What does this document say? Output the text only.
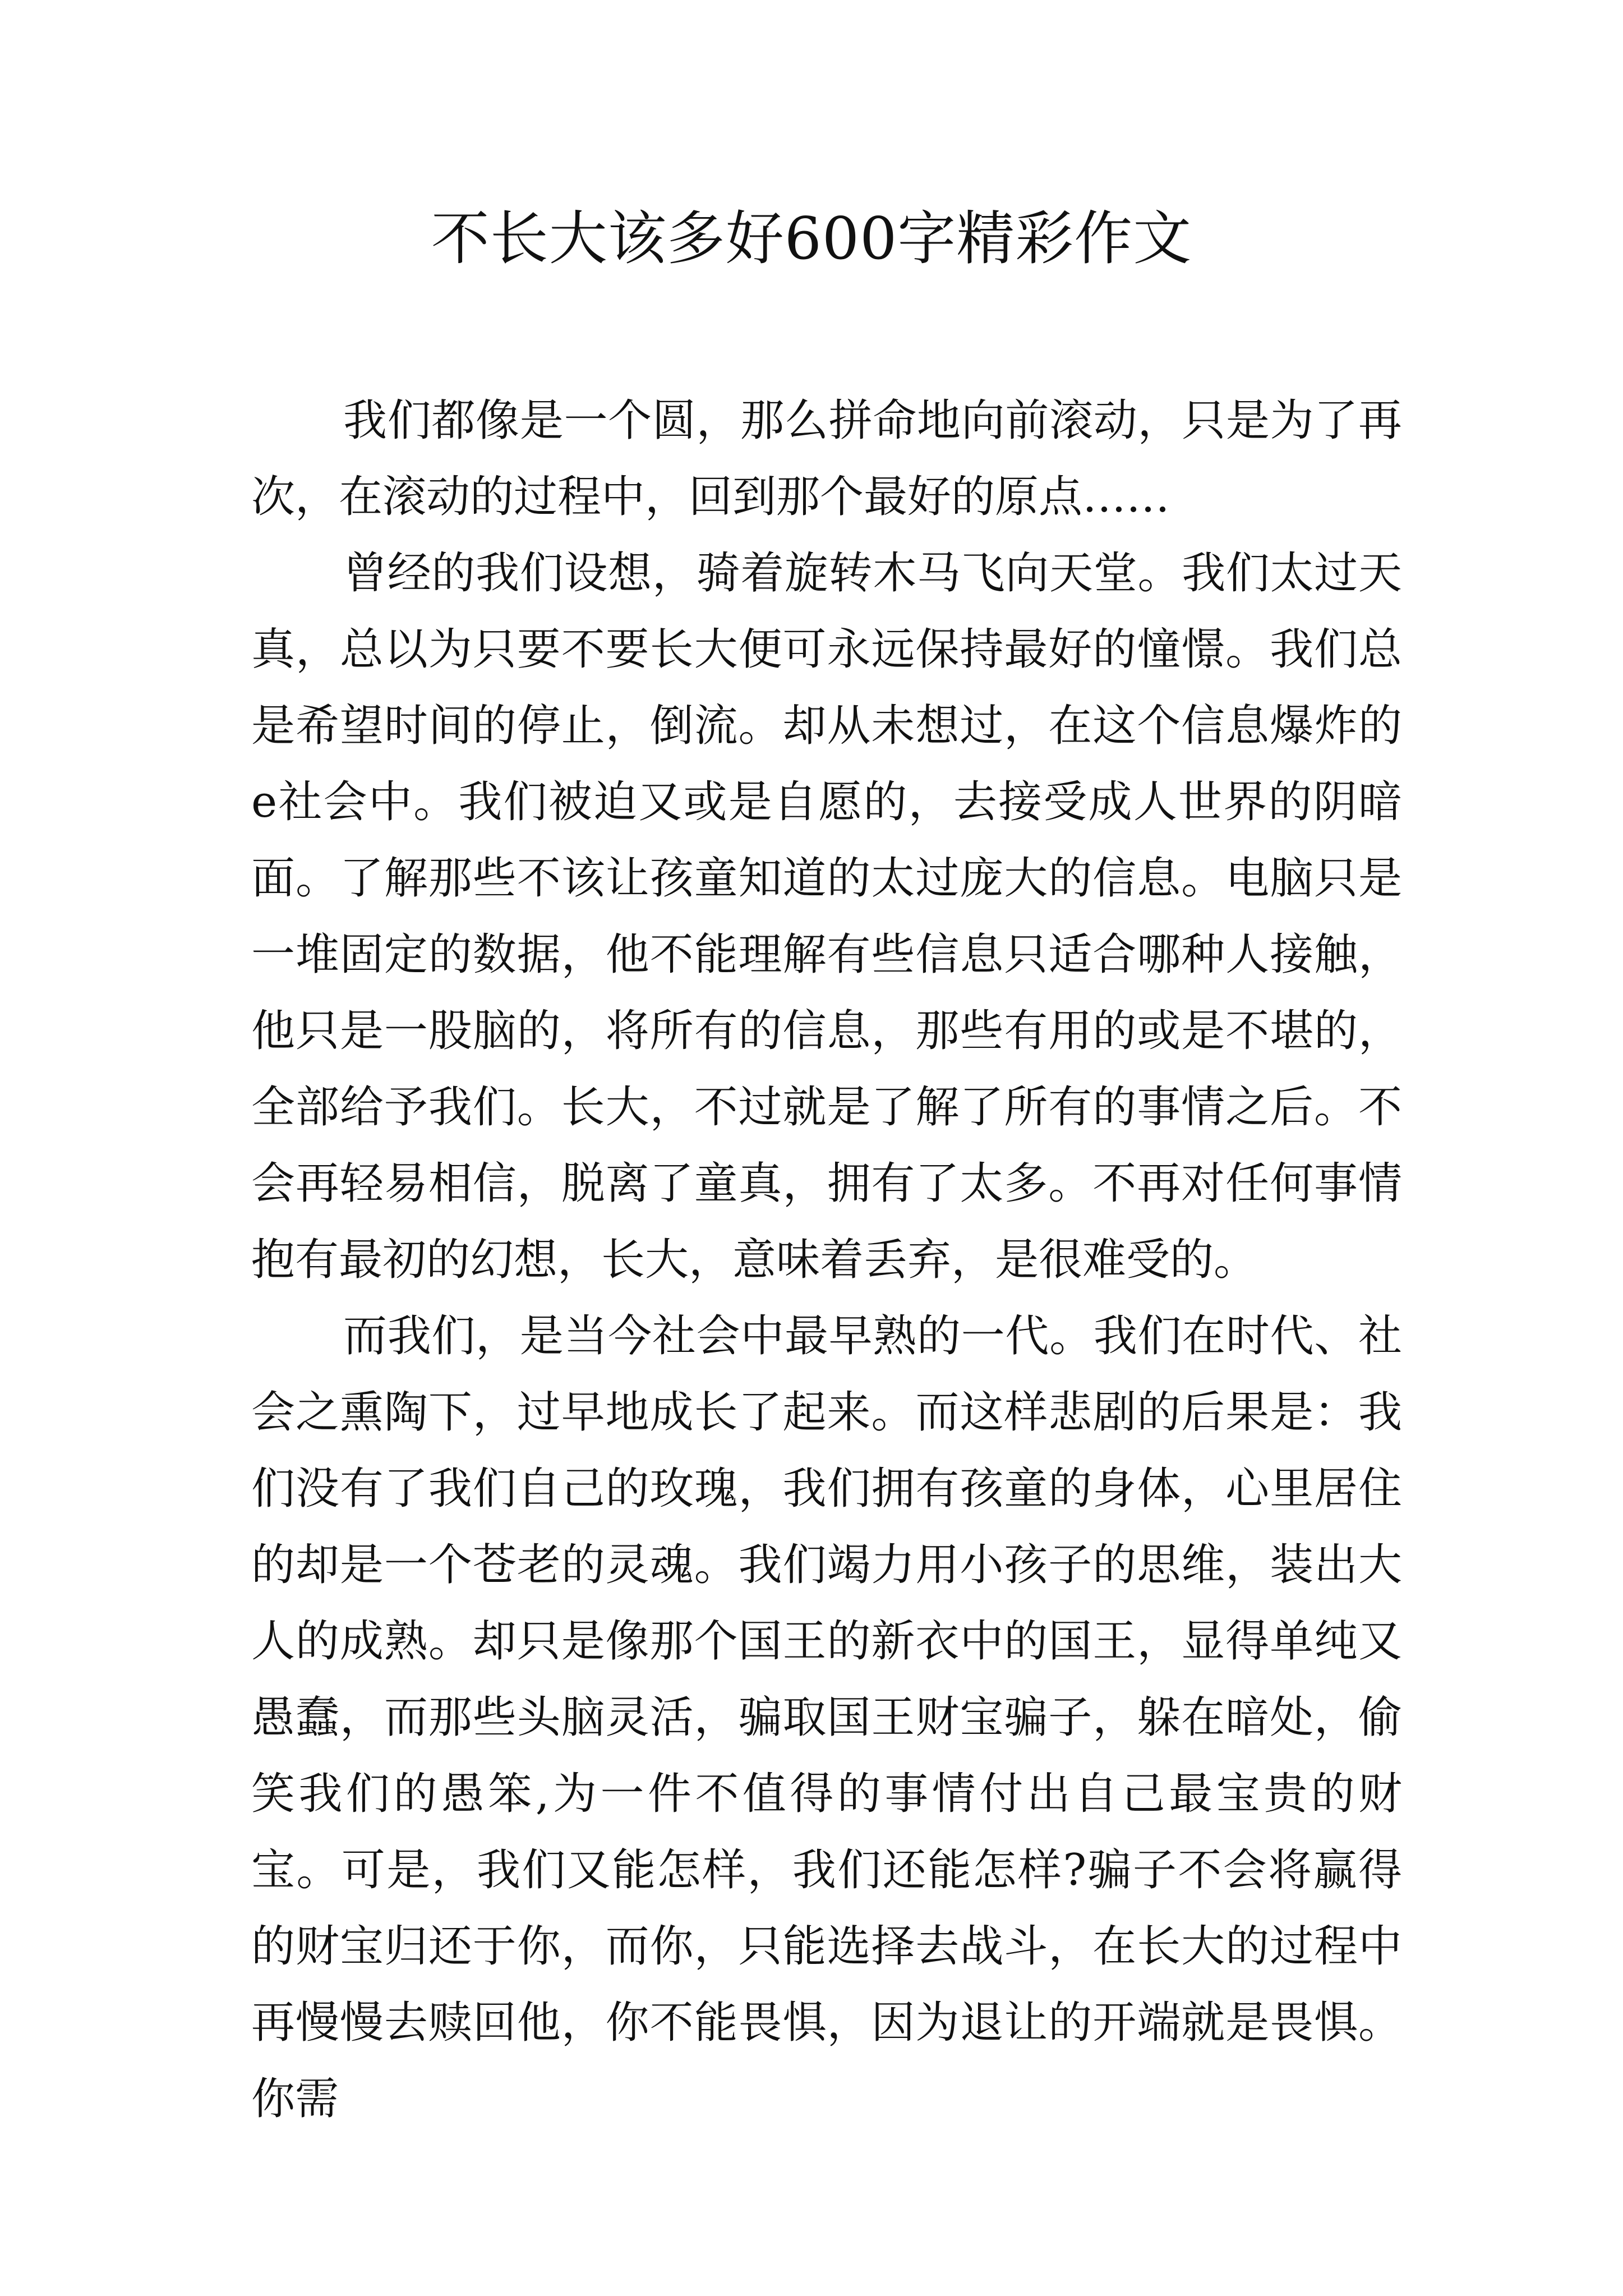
不长大该多好600字精彩作文

我们都像是一个圆，那么拼命地向前滚动，只是为了再次，在滚动的过程中，回到那个最好的原点……

曾经的我们设想，骑着旋转木马飞向天堂。我们太过天真，总以为只要不要长大便可永远保持最好的憧憬。我们总是希望时间的停止，倒流。却从未想过，在这个信息爆炸的e社会中。我们被迫又或是自愿的，去接受成人世界的阴暗面。了解那些不该让孩童知道的太过庞大的信息。电脑只是一堆固定的数据，他不能理解有些信息只适合哪种人接触，他只是一股脑的，将所有的信息，那些有用的或是不堪的，全部给予我们。长大，不过就是了解了所有的事情之后。不会再轻易相信，脱离了童真，拥有了太多。不再对任何事情抱有最初的幻想，长大，意味着丢弃，是很难受的。

而我们，是当今社会中最早熟的一代。我们在时代、社会之熏陶下，过早地成长了起来。而这样悲剧的后果是：我们没有了我们自己的玫瑰，我们拥有孩童的身体，心里居住的却是一个苍老的灵魂。我们竭力用小孩子的思维，装出大人的成熟。却只是像那个国王的新衣中的国王，显得单纯又愚蠢，而那些头脑灵活，骗取国王财宝骗子，躲在暗处，偷笑我们的愚笨,为一件不值得的事情付出自己最宝贵的财宝。可是，我们又能怎样，我们还能怎样?骗子不会将赢得的财宝归还于你，而你，只能选择去战斗，在长大的过程中再慢慢去赎回他，你不能畏惧，因为退让的开端就是畏惧。你需
